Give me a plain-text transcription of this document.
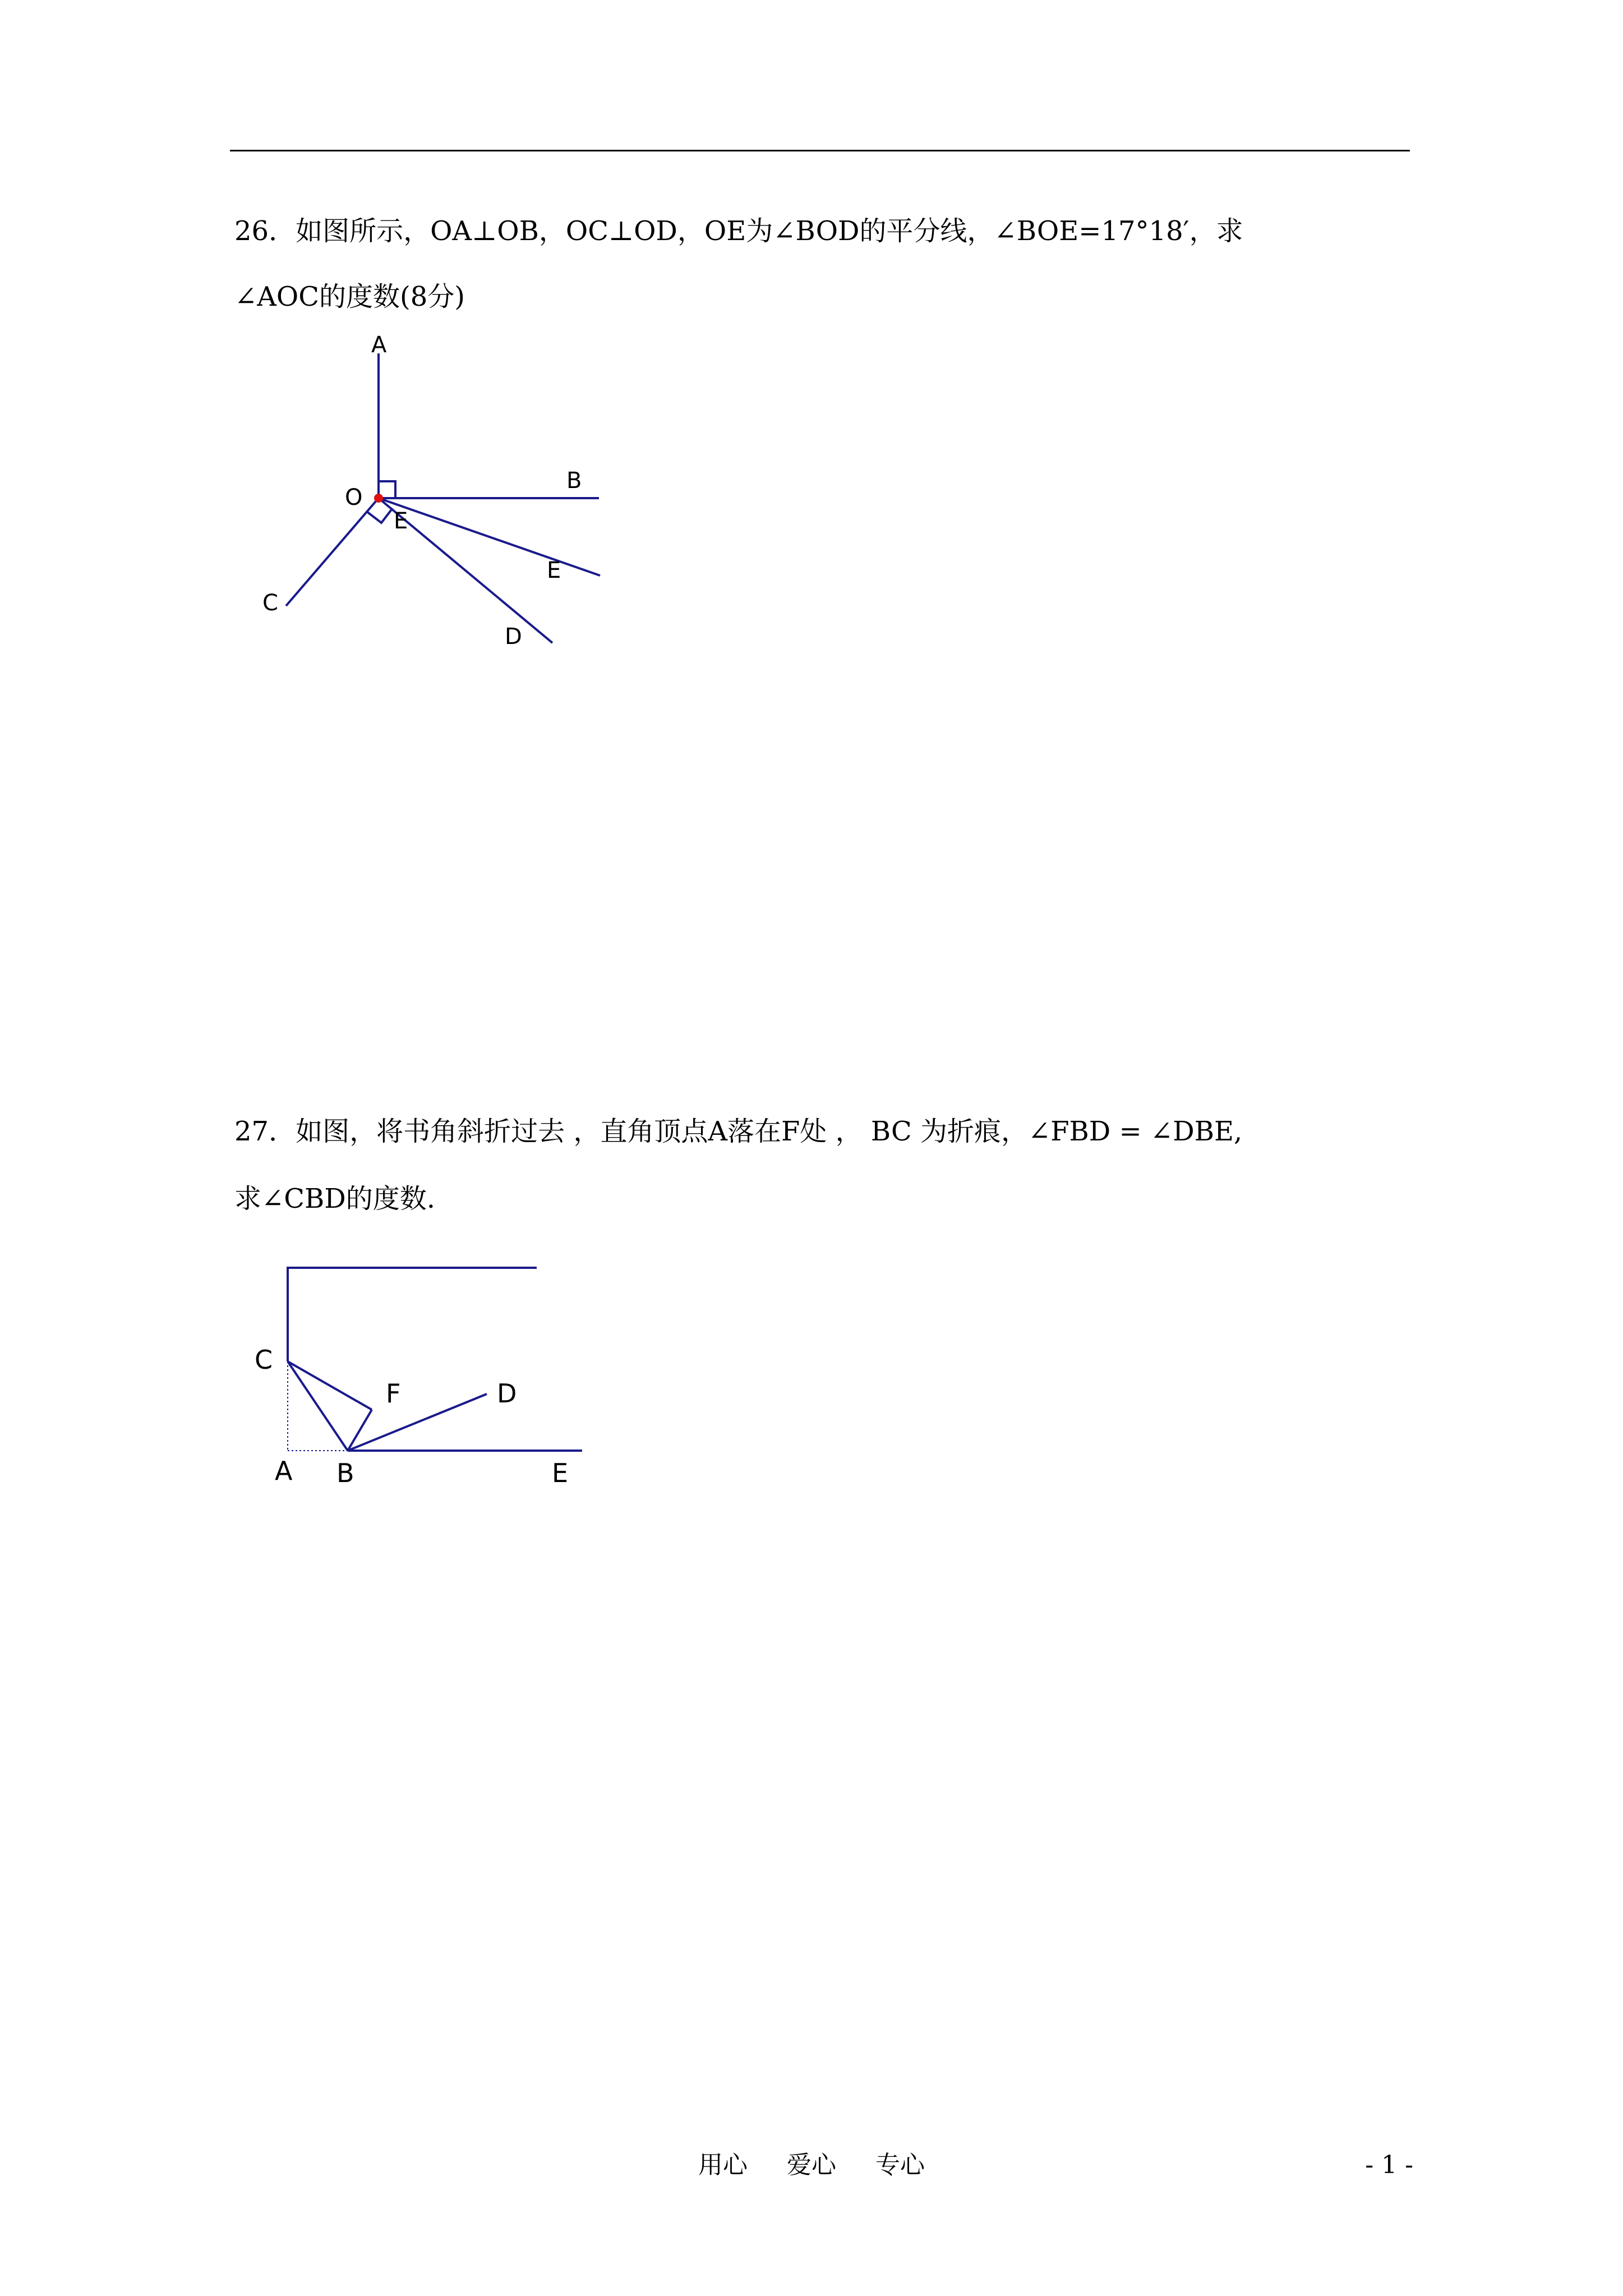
26．如图所示，OA⊥OB，OC⊥OD，OE为∠BOD的平分线，∠BOE=17°18′，求
∠AOC的度数(8分)
A
B
O
E
E
C
D
27．如图，将书角斜折过去 ，直角顶点A落在F处 ， BC 为折痕，∠FBD = ∠DBE,
求∠CBD的度数.
C
F	D
A B	E
用心 爱心 专心	- 1 -
